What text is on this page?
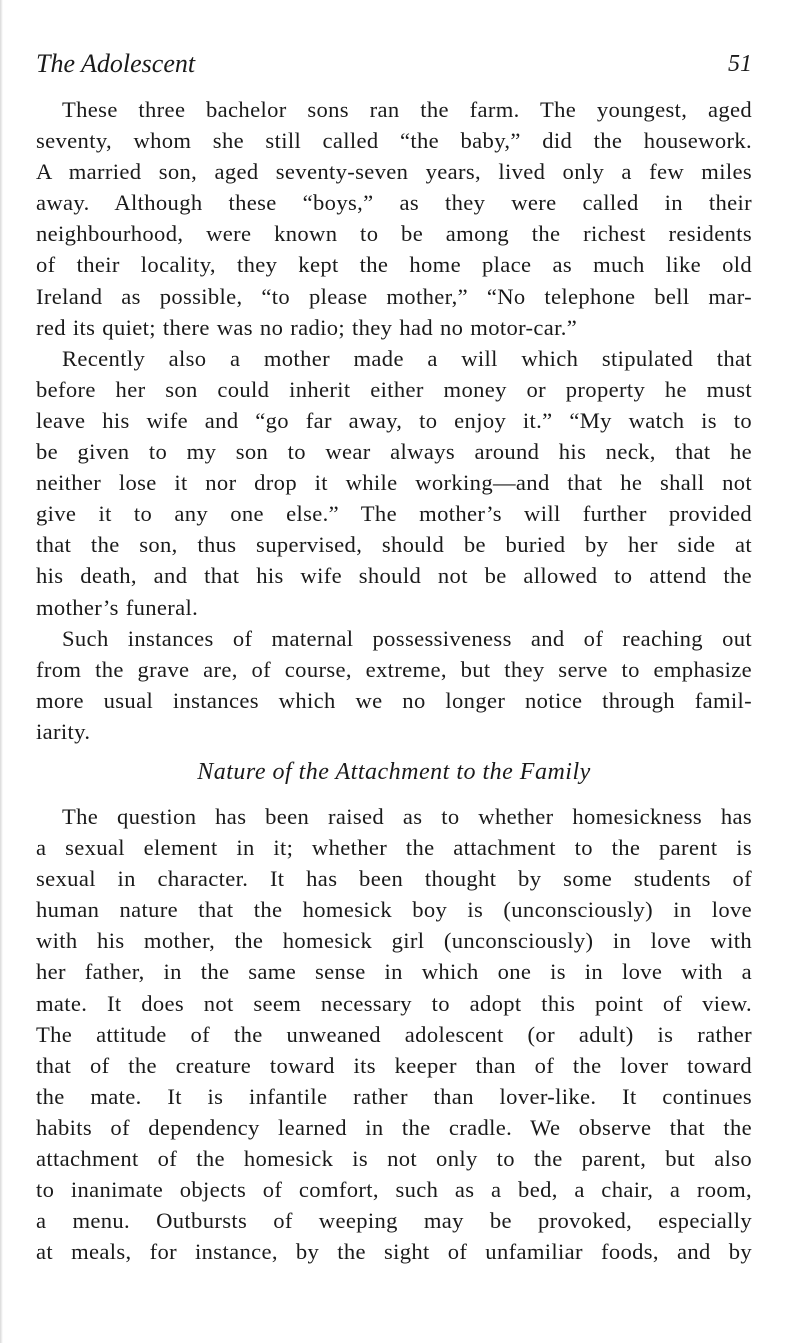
The Adolescent	51

These three bachelor sons ran the farm. The youngest, aged
seventy, whom she still called “the baby,” did the housework.
A married son, aged seventy-seven years, lived only a few miles
away. Although these “boys,” as they were called in their
neighbourhood, were known to be among the richest residents
of their locality, they kept the home place as much like old
Ireland as possible, “to please mother,” “No telephone bell mar-
red its quiet; there was no radio; they had no motor-car.”

Recently also a mother made a will which stipulated that
before her son could inherit either money or property he must
leave his wife and “go far away, to enjoy it.” “My watch is to
be given to my son to wear always around his neck, that he
neither lose it nor drop it while working—and that he shall not
give it to any one else.” The mother’s will further provided
that the son, thus supervised, should be buried by her side at
his death, and that his wife should not be allowed to attend the
mother’s funeral.

Such instances of maternal possessiveness and of reaching out
from the grave are, of course, extreme, but they serve to emphasize
more usual instances which we no longer notice through famil-
iarity.

Nature of the Attachment to the Family

The question has been raised as to whether homesickness has
a sexual element in it; whether the attachment to the parent is
sexual in character. It has been thought by some students of
human nature that the homesick boy is (unconsciously) in love
with his mother, the homesick girl (unconsciously) in love with
her father, in the same sense in which one is in love with a
mate. It does not seem necessary to adopt this point of view.
The attitude of the unweaned adolescent (or adult) is rather
that of the creature toward its keeper than of the lover toward
the mate. It is infantile rather than lover-like. It continues
habits of dependency learned in the cradle. We observe that the
attachment of the homesick is not only to the parent, but also
to inanimate objects of comfort, such as a bed, a chair, a room,
a menu. Outbursts of weeping may be provoked, especially
at meals, for instance, by the sight of unfamiliar foods, and by
